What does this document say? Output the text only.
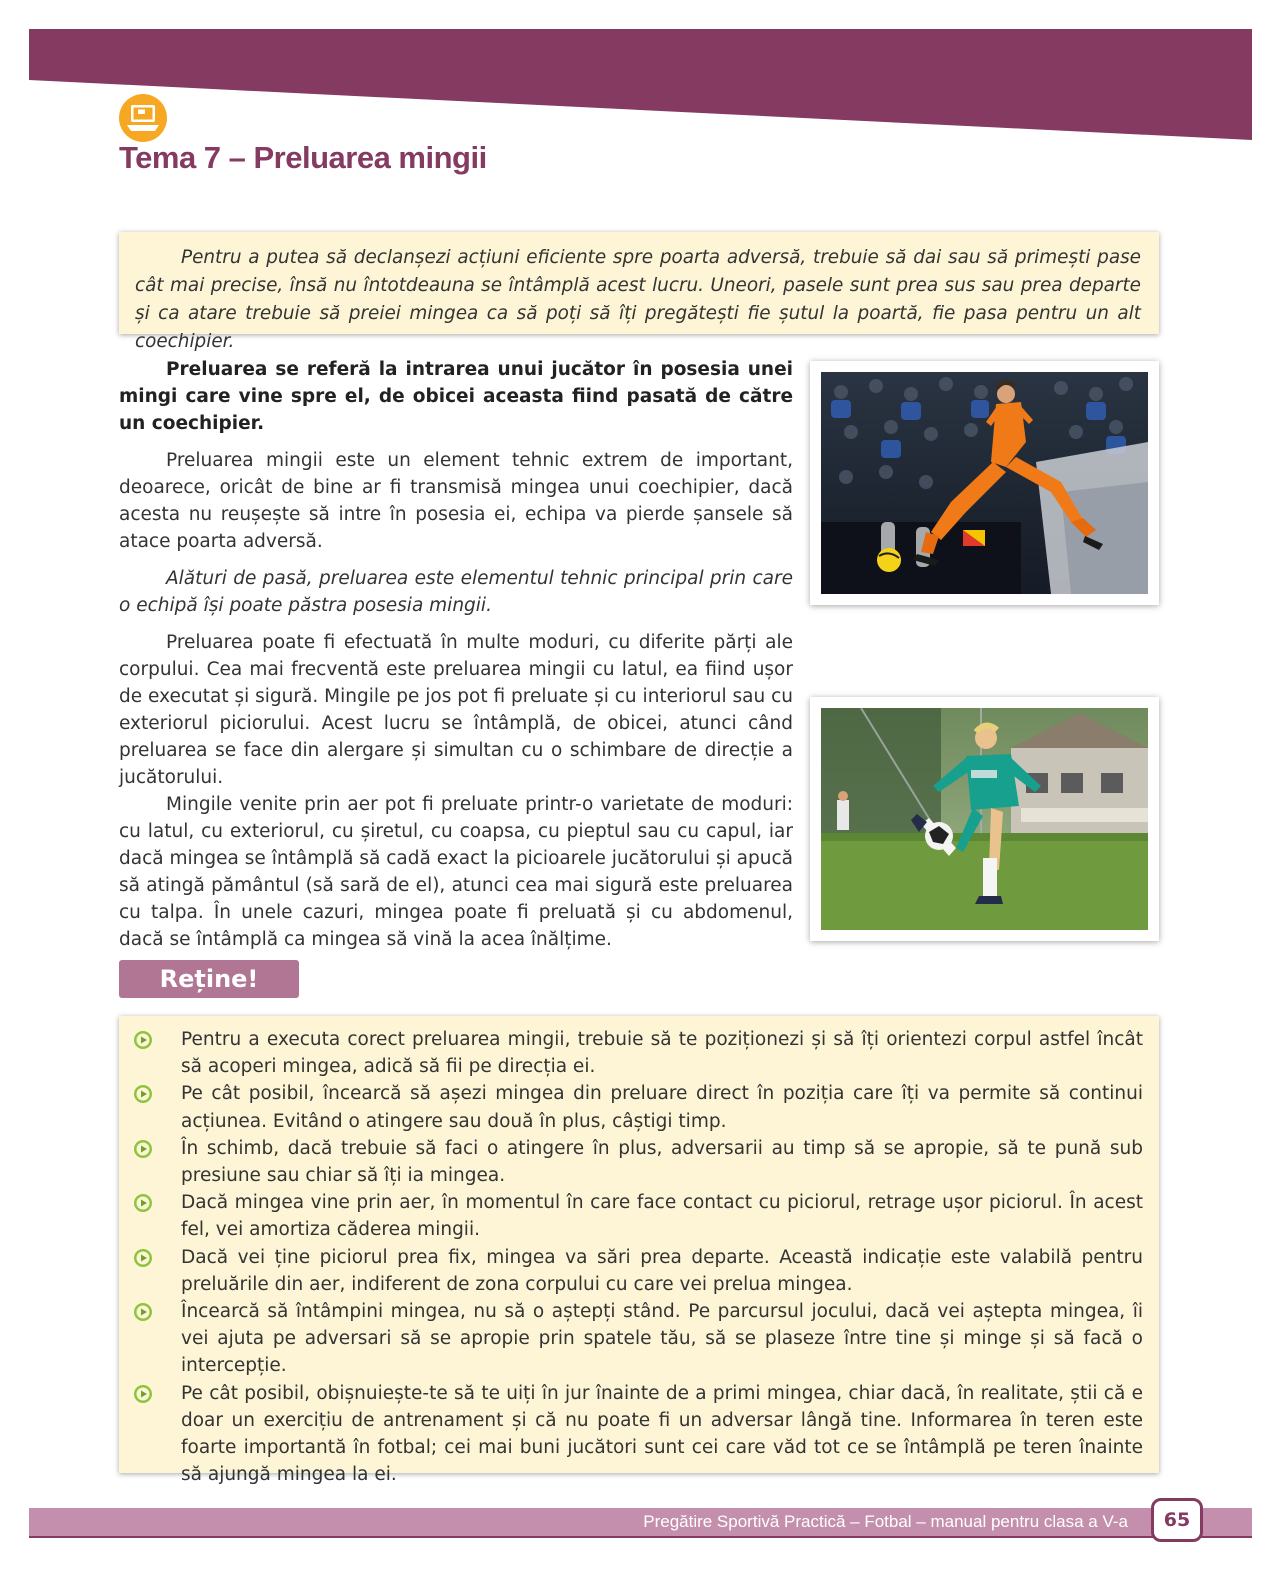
Tema 7 – Preluarea mingii

Pentru a putea să declanșezi acțiuni eficiente spre poarta adversă, trebuie să dai sau să primești pase cât mai precise, însă nu întotdeauna se întâmplă acest lucru. Uneori, pasele sunt prea sus sau prea departe și ca atare trebuie să preiei mingea ca să poți să îți pregătești fie șutul la poartă, fie pasa pentru un alt coechipier.

Preluarea se referă la intrarea unui jucător în posesia unei mingi care vine spre el, de obicei aceasta fiind pasată de către un coechipier.

Preluarea mingii este un element tehnic extrem de important, deoarece, oricât de bine ar fi transmisă mingea unui coechipier, dacă acesta nu reușește să intre în posesia ei, echipa va pierde șansele să atace poarta adversă.

Alături de pasă, preluarea este elementul tehnic principal prin care o echipă își poate păstra posesia mingii.

Preluarea poate fi efectuată în multe moduri, cu diferite părți ale corpului. Cea mai frecventă este preluarea mingii cu latul, ea fiind ușor de executat și sigură. Mingile pe jos pot fi preluate și cu interiorul sau cu exteriorul piciorului. Acest lucru se întâmplă, de obicei, atunci când preluarea se face din alergare și simultan cu o schimbare de direcție a jucătorului.

Mingile venite prin aer pot fi preluate printr-o varietate de moduri: cu latul, cu exteriorul, cu șiretul, cu coapsa, cu pieptul sau cu capul, iar dacă mingea se întâmplă să cadă exact la picioarele jucătorului și apucă să atingă pământul (să sară de el), atunci cea mai sigură este preluarea cu talpa. În unele cazuri, mingea poate fi preluată și cu abdomenul, dacă se întâmplă ca mingea să vină la acea înălțime.

Reține!
Pentru a executa corect preluarea mingii, trebuie să te poziționezi și să îți orientezi corpul astfel încât să acoperi mingea, adică să fii pe direcția ei.
Pe cât posibil, încearcă să așezi mingea din preluare direct în poziția care îți va permite să continui acțiunea. Evitând o atingere sau două în plus, câștigi timp.
În schimb, dacă trebuie să faci o atingere în plus, adversarii au timp să se apropie, să te pună sub presiune sau chiar să îți ia mingea.
Dacă mingea vine prin aer, în momentul în care face contact cu piciorul, retrage ușor piciorul. În acest fel, vei amortiza căderea mingii.
Dacă vei ține piciorul prea fix, mingea va sări prea departe. Această indicație este valabilă pentru preluările din aer, indiferent de zona corpului cu care vei prelua mingea.
Încearcă să întâmpini mingea, nu să o aștepți stând. Pe parcursul jocului, dacă vei aștepta mingea, îi vei ajuta pe adversari să se apropie prin spatele tău, să se plaseze între tine și minge și să facă o intercepție.
Pe cât posibil, obișnuiește-te să te uiți în jur înainte de a primi mingea, chiar dacă, în realitate, știi că e doar un exercițiu de antrenament și că nu poate fi un adversar lângă tine. Informarea în teren este foarte importantă în fotbal; cei mai buni jucători sunt cei care văd tot ce se întâmplă pe teren înainte să ajungă mingea la ei.
Pregătire Sportivă Practică – Fotbal – manual pentru clasa a V-a	65
